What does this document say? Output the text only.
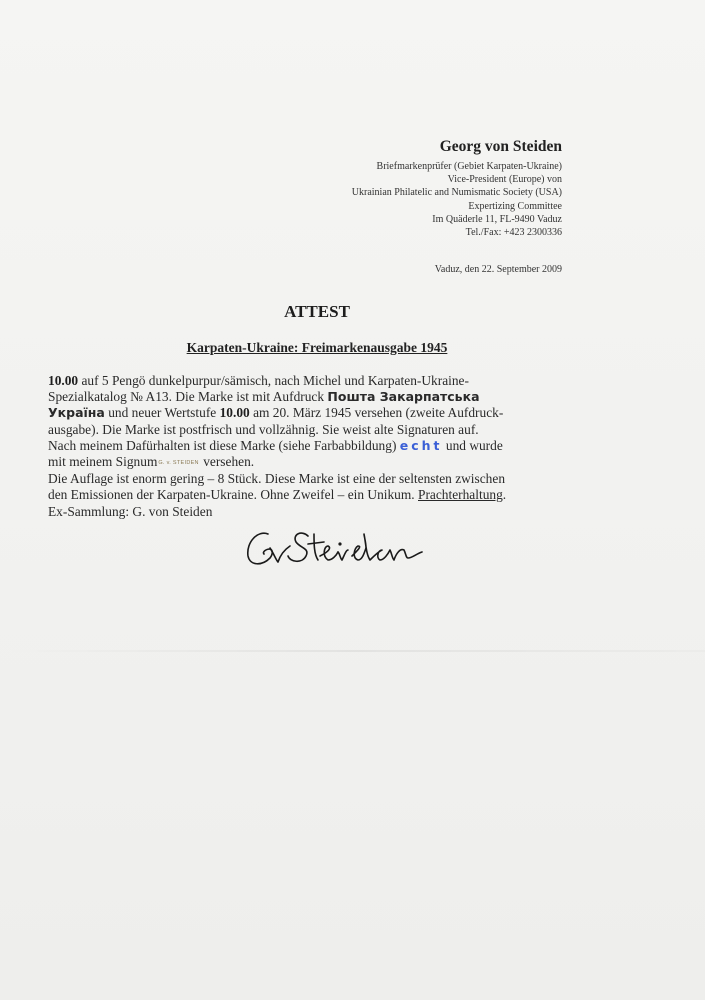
Georg von Steiden
Briefmarkenprüfer (Gebiet Karpaten-Ukraine)
Vice-President (Europe) von
Ukrainian Philatelic and Numismatic Society (USA)
Expertizing Committee
Im Quäderle 11, FL-9490 Vaduz
Tel./Fax: +423 2300336
Vaduz, den 22. September 2009
ATTEST
Karpaten-Ukraine: Freimarkenausgabe 1945
10.00 auf 5 Pengö dunkelpurpur/sämisch, nach Michel und Karpaten-Ukraine-
Spezialkatalog № A13. Die Marke ist mit Aufdruck Пошта Закарпатська
Україна und neuer Wertstufe 10.00 am 20. März 1945 versehen (zweite Aufdruck-
ausgabe). Die Marke ist postfrisch und vollzähnig. Sie weist alte Signaturen auf.
Nach meinem Dafürhalten ist diese Marke (siehe Farbabbildung) echt und wurde
mit meinem SignumG. v. STEIDEN versehen.
Die Auflage ist enorm gering – 8 Stück. Diese Marke ist eine der seltensten zwischen
den Emissionen der Karpaten-Ukraine. Ohne Zweifel – ein Unikum. Prachterhaltung.
Ex-Sammlung: G. von Steiden
